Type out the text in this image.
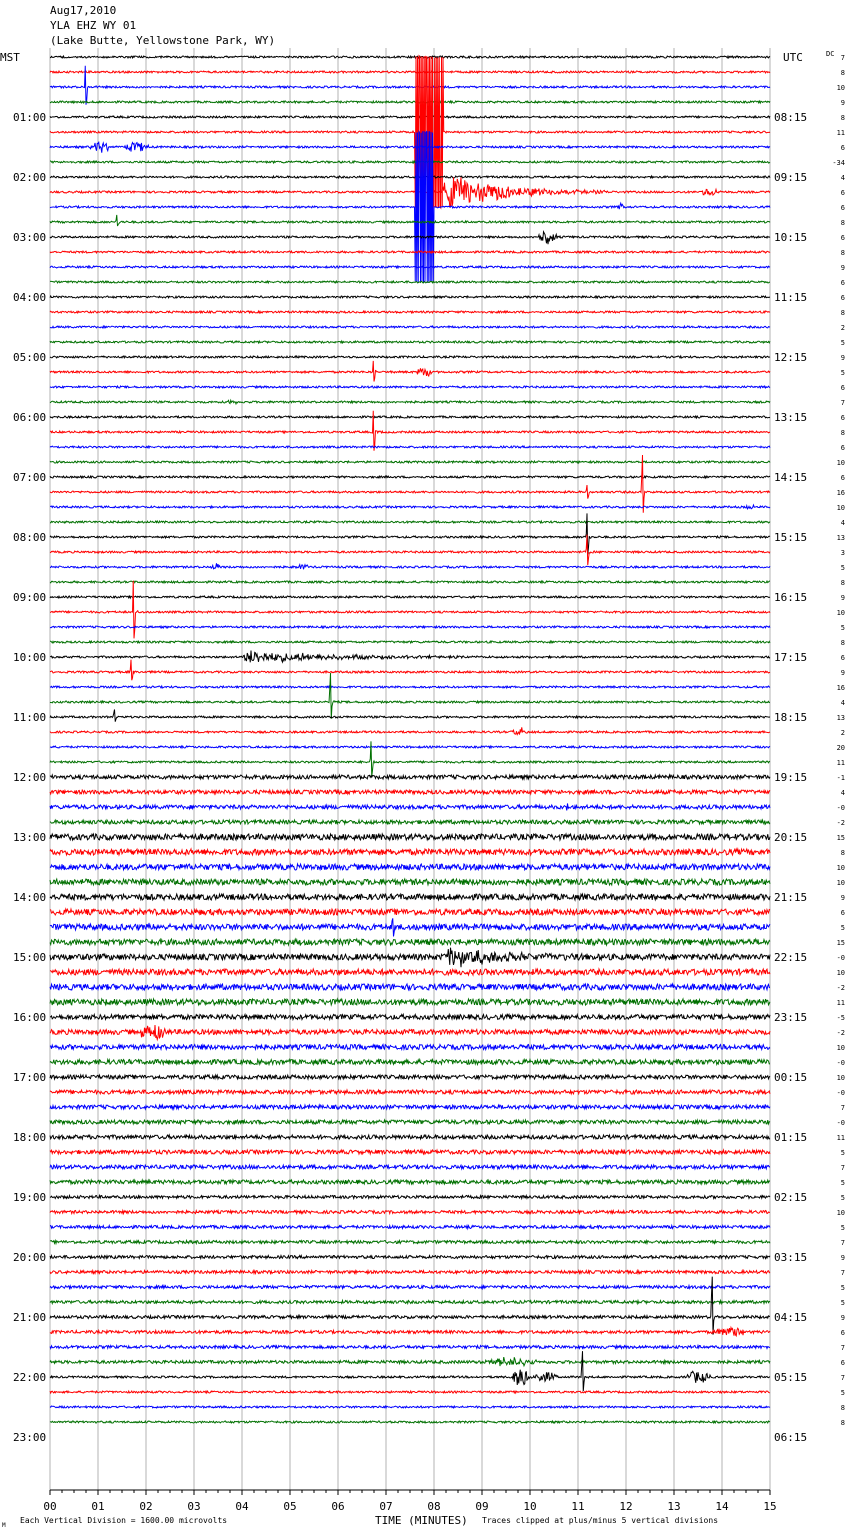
Aug17,2010
YLA EHZ WY 01
(Lake Butte, Yellowstone Park, WY)
MST	UTC	DC
01:00
02:00
03:00
04:00
05:00
06:00
07:00
08:00
09:00
10:00
11:00
12:00
13:00
14:00
15:00
16:00
17:00
18:00
19:00
20:00
21:00
22:00
23:00
08:15
09:15
10:15
11:15
12:15
13:15
14:15
15:15
16:15
17:15
18:15
19:15
20:15
21:15
22:15
23:15
00:15
01:15
02:15
03:15
04:15
05:15
06:15
7
8
10
9
8
11
6
-34
4
6
6
8
6
8
9
6
6
8
2
5
9
5
6
7
6
8
6
10
6
16
10
4
13
3
5
8
9
10
5
8
6
9
16
4
13
2
20
11
-1
4
-0
-2
15
8
10
10
9
6
5
15
-0
10
-2
11
-5
-2
10
-0
10
-0
7
-0
11
5
7
5
5
10
5
7
9
7
5
5
9
6
7
6
7
5
8
8
00	01	02	03	04	05	06	07	08	09	10	11	12	13	14	15
TIME (MINUTES)
Each Vertical Division = 1600.00 microvolts	Traces clipped at plus/minus 5 vertical divisions
M
